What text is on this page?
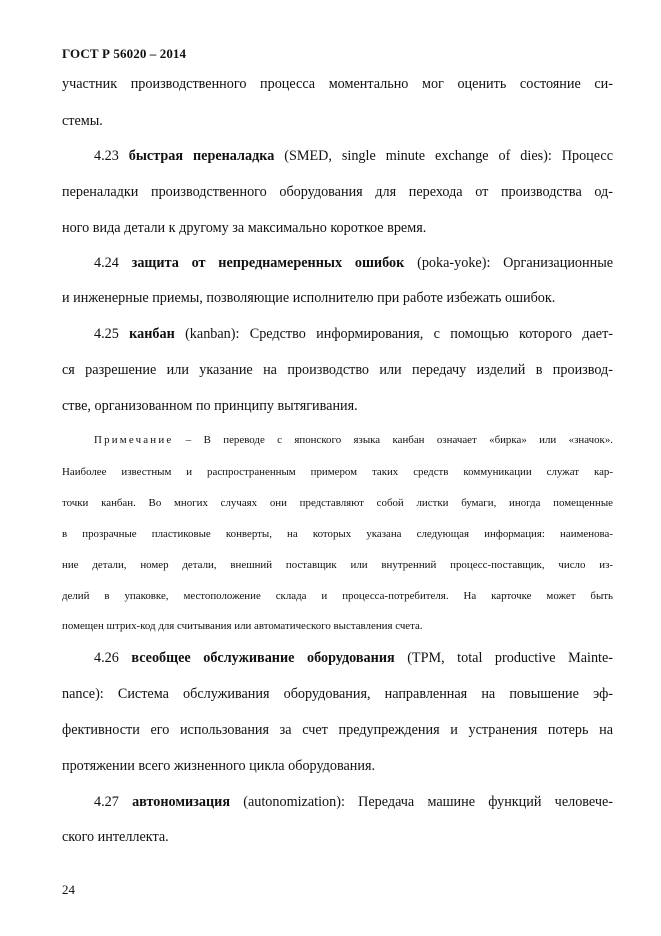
ГОСТ Р 56020 – 2014
участник производственного процесса моментально мог оценить состояние си-
стемы.
4.23 быстрая переналадка (SMED, single minute exchange of dies): Процесс
переналадки производственного оборудования для перехода от производства од-
ного вида детали к другому за максимально короткое время.
4.24 защита от непреднамеренных ошибок (poka-yoke): Организационные
и инженерные приемы, позволяющие исполнителю при работе избежать ошибок.
4.25 канбан (kanban): Средство информирования, с помощью которого дает-
ся разрешение или указание на производство или передачу изделий в производ-
стве, организованном по принципу вытягивания.
Примечание – В переводе с японского языка канбан означает «бирка» или «значок».
Наиболее известным и распространенным примером таких средств коммуникации служат кар-
точки канбан. Во многих случаях они представляют собой листки бумаги, иногда помещенные
в прозрачные пластиковые конверты, на которых указана следующая информация: наименова-
ние детали, номер детали, внешний поставщик или внутренний процесс-поставщик, число из-
делий в упаковке, местоположение склада и процесса-потребителя. На карточке может быть
помещен штрих-код для считывания или автоматического выставления счета.
4.26 всеобщее обслуживание оборудования (TPM, total productive Mainte-
nance): Система обслуживания оборудования, направленная на повышение эф-
фективности его использования за счет предупреждения и устранения потерь на
протяжении всего жизненного цикла оборудования.
4.27 автономизация (autonomization): Передача машине функций человече-
ского интеллекта.
24
